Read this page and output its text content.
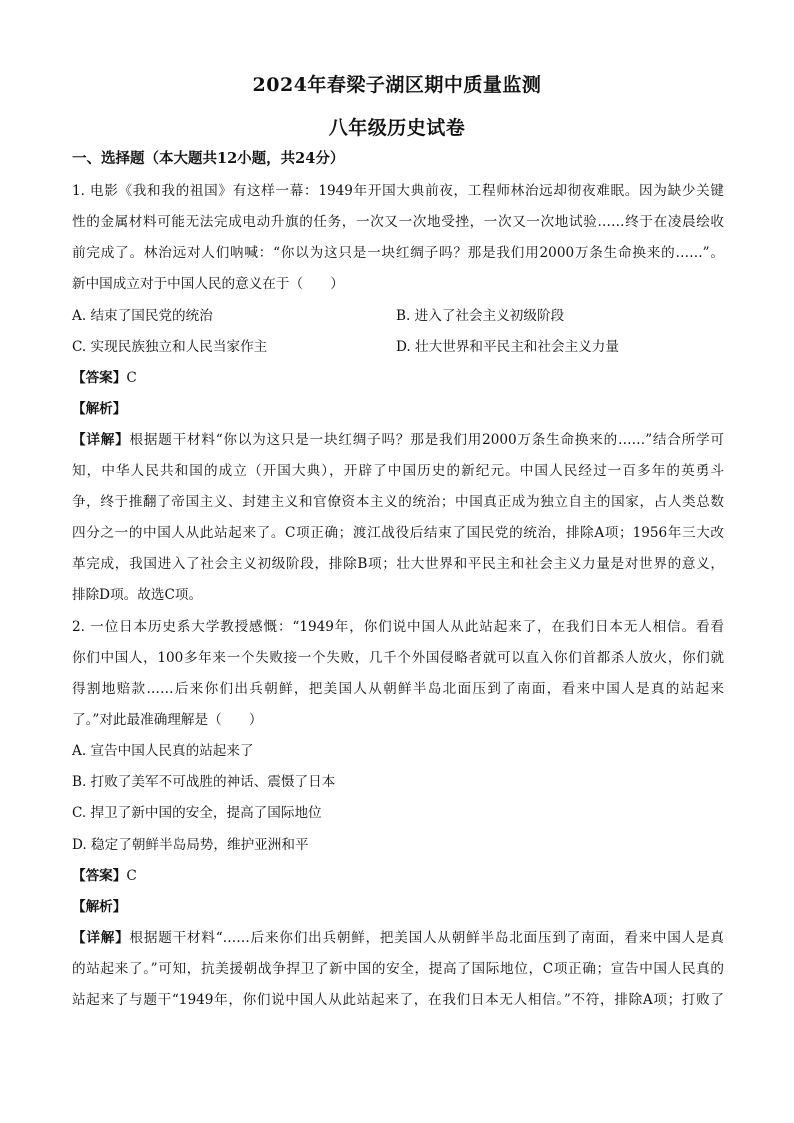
2024年春梁子湖区期中质量监测
八年级历史试卷
一、选择题（本大题共12小题，共24分）
1. 电影《我和我的祖国》有这样一幕：1949年开国大典前夜，工程师林治远却彻夜难眠。因为缺少关键
性的金属材料可能无法完成电动升旗的任务，一次又一次地受挫，一次又一次地试验……终于在凌晨绘收
前完成了。林治远对人们呐喊：“你以为这只是一块红绸子吗？那是我们用2000万条生命换来的……”。
新中国成立对于中国人民的意义在于（　　）
A. 结束了国民党的统治	B. 进入了社会主义初级阶段
C. 实现民族独立和人民当家作主	D. 壮大世界和平民主和社会主义力量
【答案】C
【解析】
【详解】根据题干材料“你以为这只是一块红绸子吗？那是我们用2000万条生命换来的……”结合所学可
知，中华人民共和国的成立（开国大典），开辟了中国历史的新纪元。中国人民经过一百多年的英勇斗
争，终于推翻了帝国主义、封建主义和官僚资本主义的统治；中国真正成为独立自主的国家，占人类总数
四分之一的中国人从此站起来了。C项正确；渡江战役后结束了国民党的统治，排除A项；1956年三大改
革完成，我国进入了社会主义初级阶段，排除B项；壮大世界和平民主和社会主义力量是对世界的意义，
排除D项。故选C项。
2. 一位日本历史系大学教授感慨：“1949年，你们说中国人从此站起来了，在我们日本无人相信。看看
你们中国人，100多年来一个失败接一个失败，几千个外国侵略者就可以直入你们首都杀人放火，你们就
得割地赔款……后来你们出兵朝鲜，把美国人从朝鲜半岛北面压到了南面，看来中国人是真的站起来
了。”对此最准确理解是（　　）
A. 宣告中国人民真的站起来了
B. 打败了美军不可战胜的神话、震慑了日本
C. 捍卫了新中国的安全，提高了国际地位
D. 稳定了朝鲜半岛局势，维护亚洲和平
【答案】C
【解析】
【详解】根据题干材料“……后来你们出兵朝鲜，把美国人从朝鲜半岛北面压到了南面，看来中国人是真
的站起来了。”可知，抗美援朝战争捍卫了新中国的安全，提高了国际地位，C项正确；宣告中国人民真的
站起来了与题干“1949年，你们说中国人从此站起来了，在我们日本无人相信。”不符，排除A项；打败了
